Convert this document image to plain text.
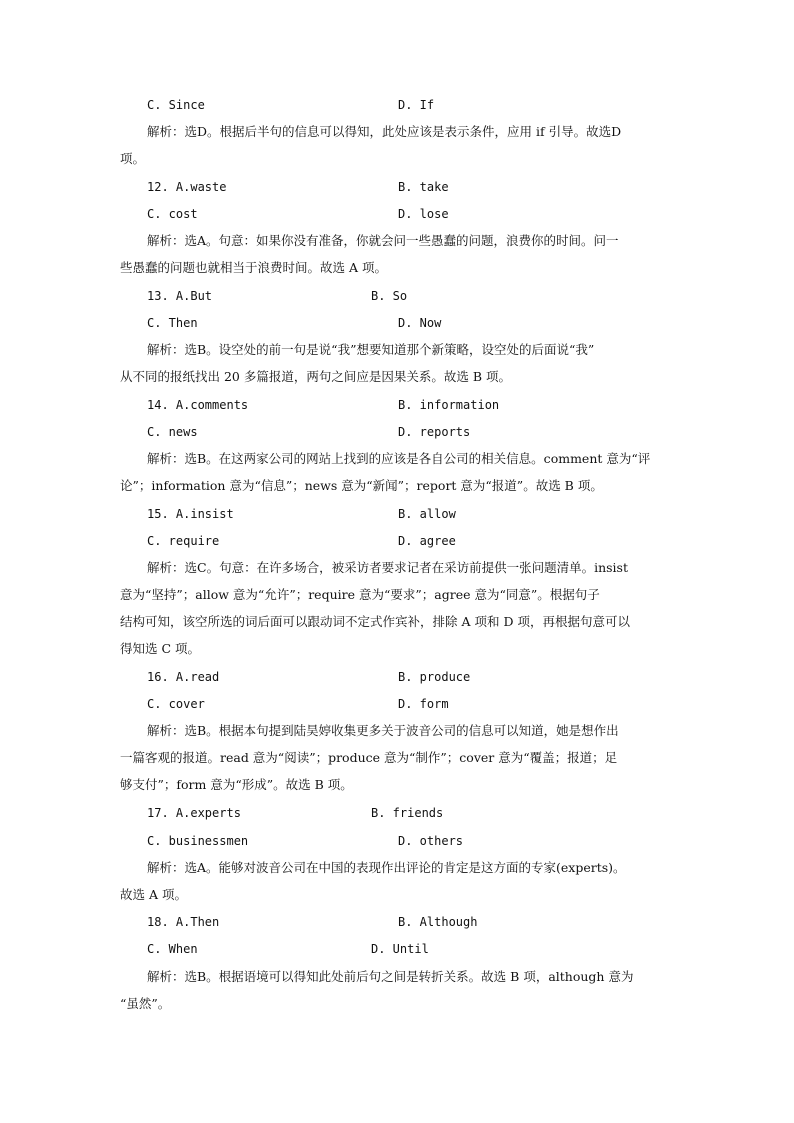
C. Since	D. If
解析：选D。根据后半句的信息可以得知，此处应该是表示条件，应用 if 引导。故选D
项。
12. A.waste	B. take
C. cost	D. lose
解析：选A。句意：如果你没有准备，你就会问一些愚蠢的问题，浪费你的时间。问一
些愚蠢的问题也就相当于浪费时间。故选 A 项。
13. A.But	B. So
C. Then	D. Now
解析：选B。设空处的前一句是说“我”想要知道那个新策略，设空处的后面说“我”
从不同的报纸找出 20 多篇报道，两句之间应是因果关系。故选 B 项。
14. A.comments	B. information
C. news	D. reports
解析：选B。在这两家公司的网站上找到的应该是各自公司的相关信息。comment 意为“评
论”；information 意为“信息”；news 意为“新闻”；report 意为“报道”。故选 B 项。
15. A.insist	B. allow
C. require	D. agree
解析：选C。句意：在许多场合，被采访者要求记者在采访前提供一张问题清单。insist
意为“坚持”；allow 意为“允许”；require 意为“要求”；agree 意为“同意”。根据句子
结构可知，该空所选的词后面可以跟动词不定式作宾补，排除 A 项和 D 项，再根据句意可以
得知选 C 项。
16. A.read	B. produce
C. cover	D. form
解析：选B。根据本句提到陆昊婷收集更多关于波音公司的信息可以知道，她是想作出
一篇客观的报道。read 意为“阅读”；produce 意为“制作”；cover 意为“覆盖；报道；足
够支付”；form 意为“形成”。故选 B 项。
17. A.experts	B. friends
C. businessmen	D. others
解析：选A。能够对波音公司在中国的表现作出评论的肯定是这方面的专家(experts)。
故选 A 项。
18. A.Then	B. Although
C. When	D. Until
解析：选B。根据语境可以得知此处前后句之间是转折关系。故选 B 项，although 意为
“虽然”。
